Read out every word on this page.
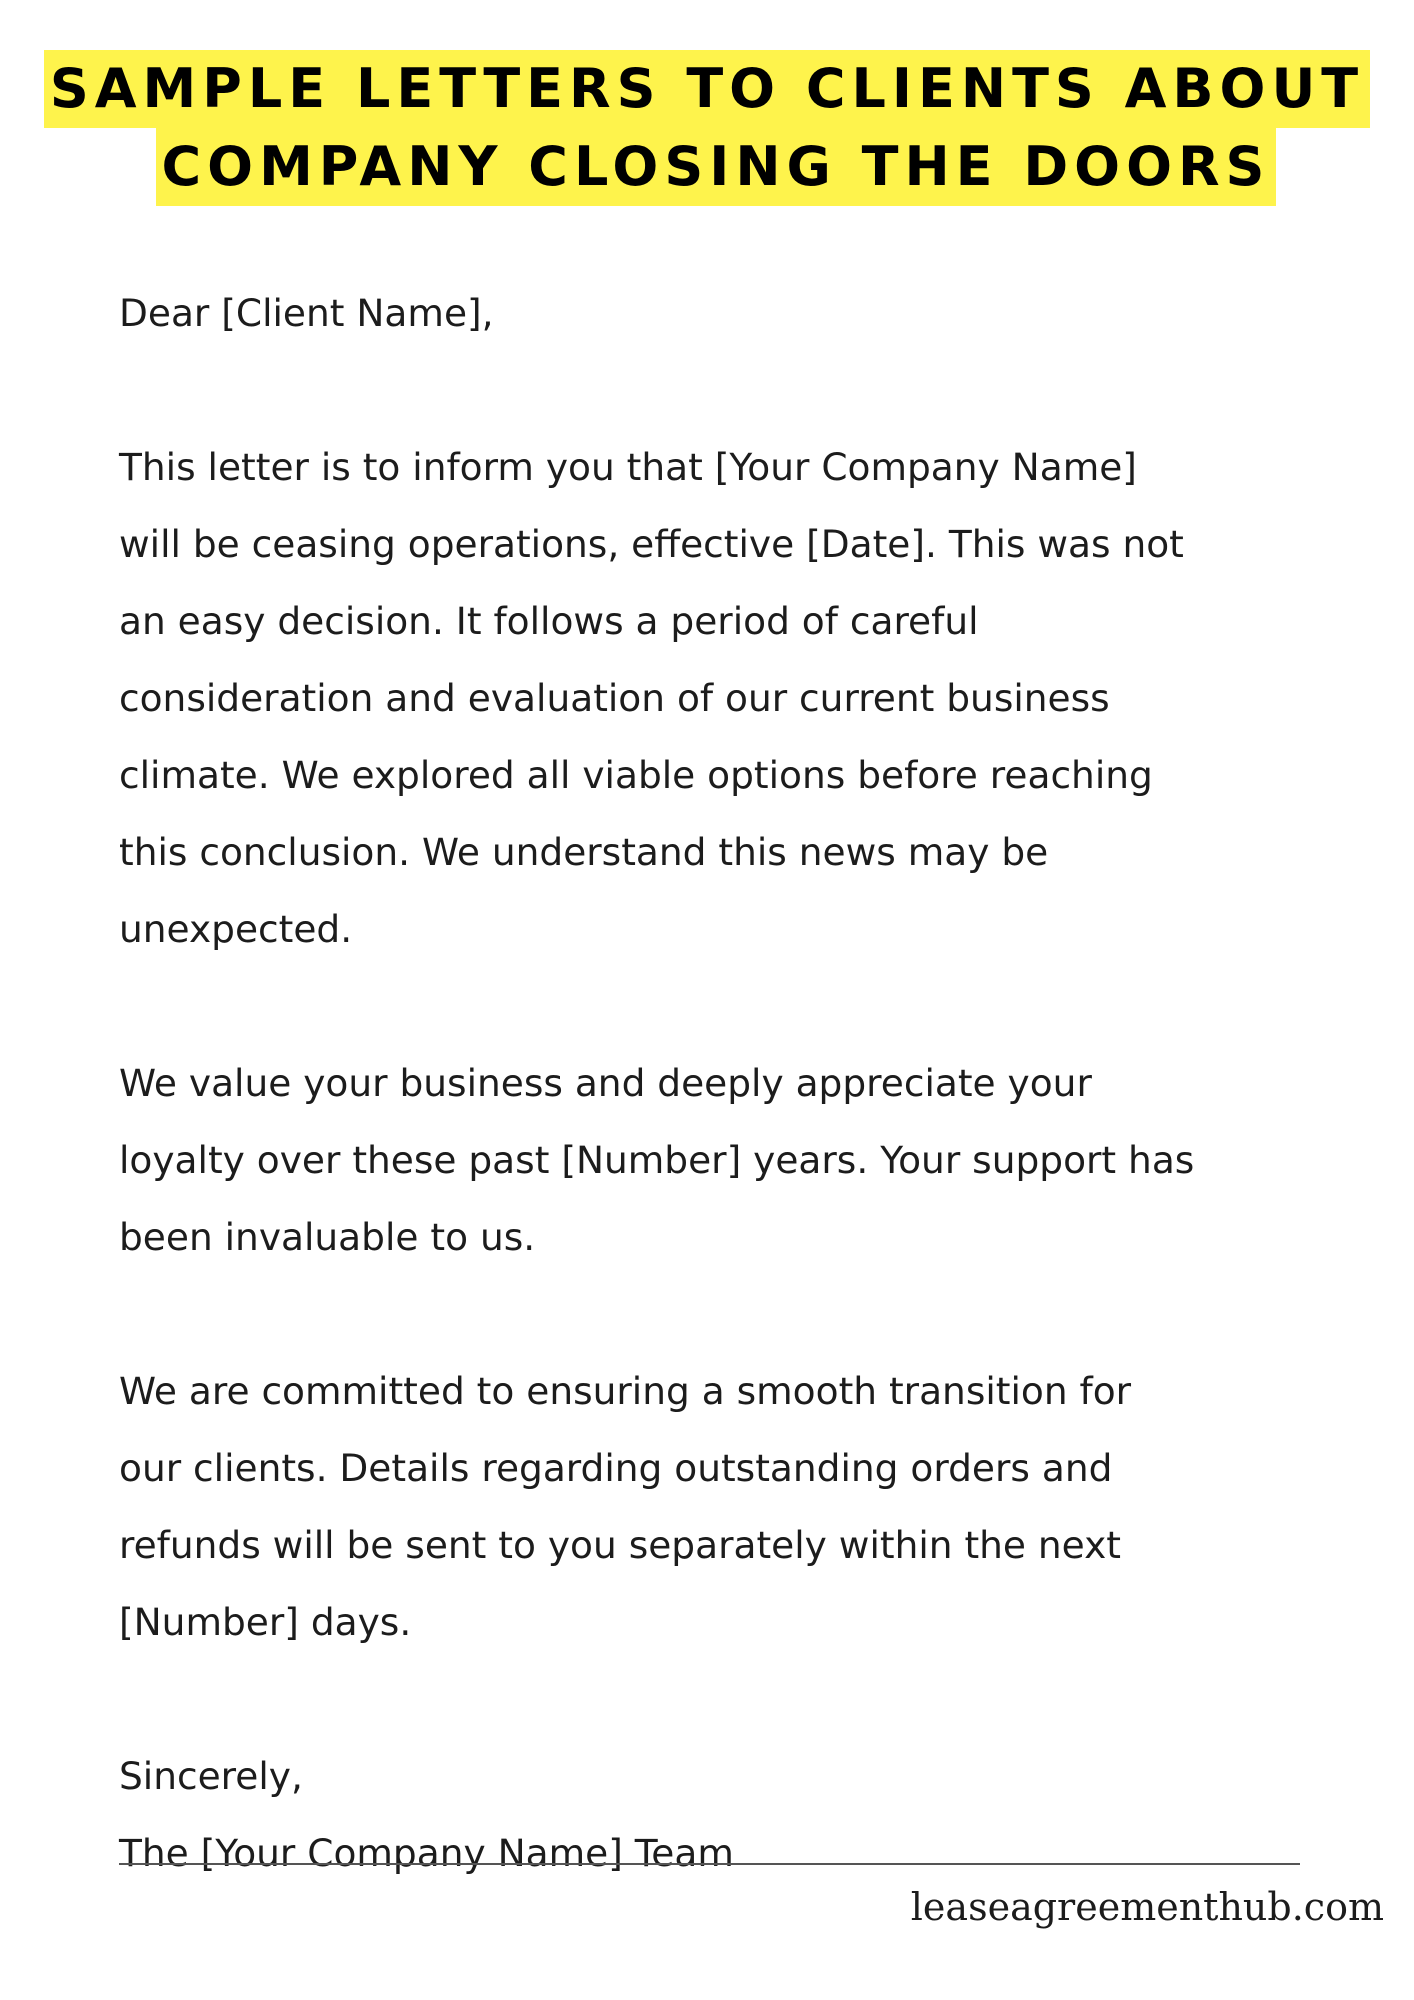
SAMPLE LETTERS TO CLIENTS ABOUT
COMPANY CLOSING THE DOORS

Dear [Client Name],

This letter is to inform you that [Your Company Name]
will be ceasing operations, effective [Date]. This was not
an easy decision. It follows a period of careful
consideration and evaluation of our current business
climate. We explored all viable options before reaching
this conclusion. We understand this news may be
unexpected.

We value your business and deeply appreciate your
loyalty over these past [Number] years. Your support has
been invaluable to us.

We are committed to ensuring a smooth transition for
our clients. Details regarding outstanding orders and
refunds will be sent to you separately within the next
[Number] days.

Sincerely,
The [Your Company Name] Team

leaseagreementhub.com
